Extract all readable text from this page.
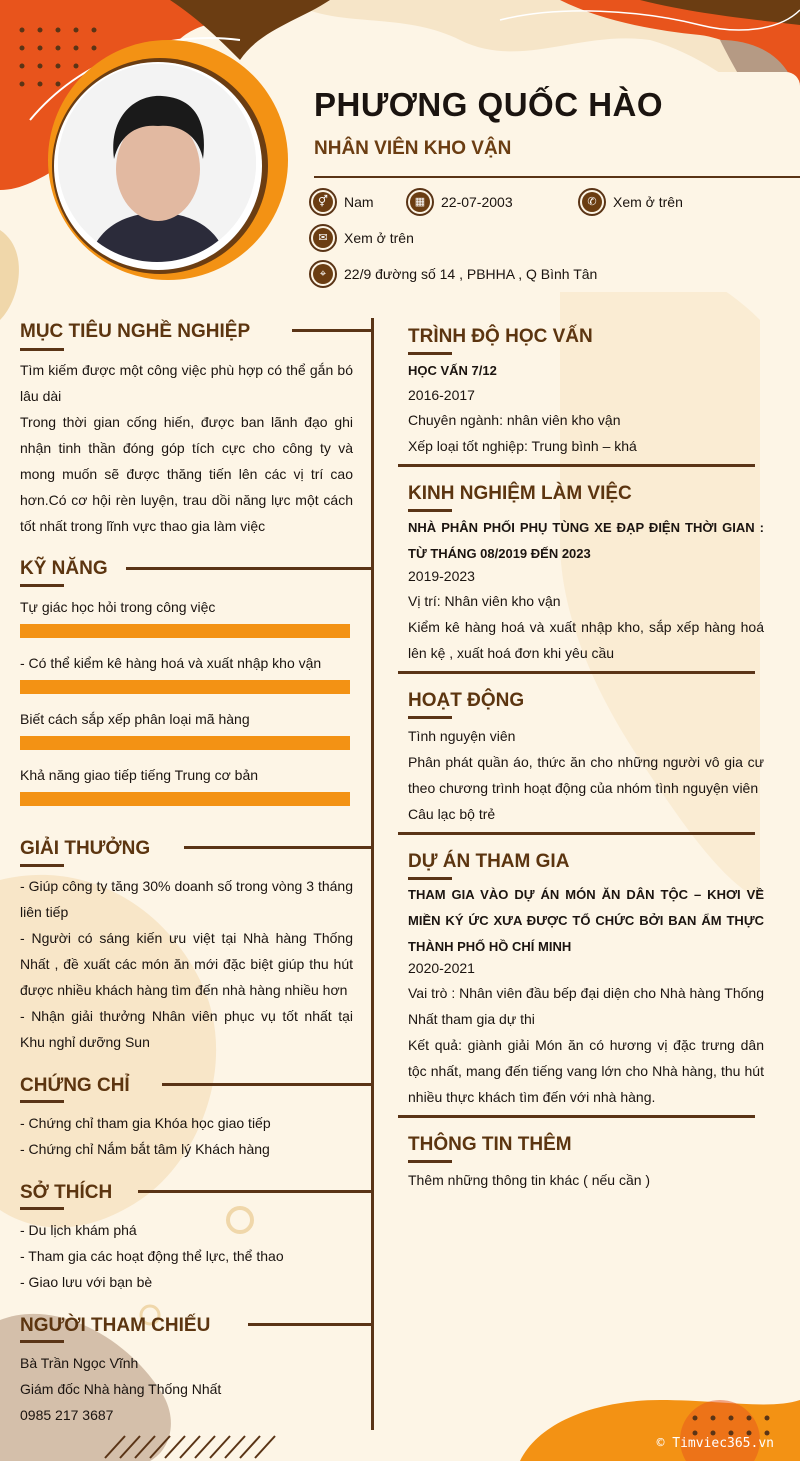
PHƯƠNG QUỐC HÀO
NHÂN VIÊN KHO VẬN
⚥	Nam	▦	22-07-2003	✆	Xem ở trên
✉	Xem ở trên
⌖	22/9 đường số 14 , PBHHA , Q Bình Tân
MỤC TIÊU NGHỀ NGHIỆP
Tìm kiếm được một công việc phù hợp có thể gắn bó lâu dài
Trong thời gian cống hiến, được ban lãnh đạo ghi nhận tinh thần đóng góp tích cực cho công ty và mong muốn sẽ được thăng tiến lên các vị trí cao hơn.Có cơ hội rèn luyện, trau dồi năng lực một cách tốt nhất trong lĩnh vực thao gia làm việc
KỸ NĂNG
Tự giác học hỏi trong công việc
- Có thể kiểm kê hàng hoá và xuất nhập kho vận
Biết cách sắp xếp phân loại mã hàng
Khả năng giao tiếp tiếng Trung cơ bản
GIẢI THƯỞNG
- Giúp công ty tăng 30% doanh số trong vòng 3 tháng liên tiếp
- Người có sáng kiến ưu việt tại Nhà hàng Thống Nhất , đề xuất các món ăn mới đặc biệt giúp thu hút được nhiều khách hàng tìm đến nhà hàng nhiều hơn
- Nhận giải thưởng Nhân viên phục vụ tốt nhất tại Khu nghỉ dưỡng Sun
CHỨNG CHỈ
- Chứng chỉ tham gia Khóa học giao tiếp
- Chứng chỉ Nắm bắt tâm lý Khách hàng
SỞ THÍCH
- Du lịch khám phá
- Tham gia các hoạt động thể lực, thể thao
- Giao lưu với bạn bè
NGƯỜI THAM CHIẾU
Bà Trần Ngọc Vĩnh
Giám đốc Nhà hàng Thống Nhất
0985 217 3687
TRÌNH ĐỘ HỌC VẤN
HỌC VẤN 7/12
2016-2017
Chuyên ngành: nhân viên kho vận
Xếp loại tốt nghiệp: Trung bình – khá
KINH NGHIỆM LÀM VIỆC
NHÀ PHÂN PHỐI PHỤ TÙNG XE ĐẠP ĐIỆN THỜI GIAN : TỪ THÁNG 08/2019 ĐẾN 2023
2019-2023
Vị trí: Nhân viên kho vận
Kiểm kê hàng hoá và xuất nhập kho, sắp xếp hàng hoá lên kệ , xuất hoá đơn khi yêu cầu
HOẠT ĐỘNG
Tình nguyện viên
Phân phát quần áo, thức ăn cho những người vô gia cư theo chương trình hoạt động của nhóm tình nguyện viên
Câu lạc bộ trẻ
DỰ ÁN THAM GIA
THAM GIA VÀO DỰ ÁN MÓN ĂN DÂN TỘC – KHƠI VỀ MIỀN KÝ ỨC XƯA ĐƯỢC TỔ CHỨC BỞI BAN ẨM THỰC THÀNH PHỐ HỒ CHÍ MINH
2020-2021
Vai trò : Nhân viên đầu bếp đại diện cho Nhà hàng Thống Nhất tham gia dự thi
Kết quả: giành giải Món ăn có hương vị đặc trưng dân tộc nhất, mang đến tiếng vang lớn cho Nhà hàng, thu hút nhiều thực khách tìm đến với nhà hàng.
THÔNG TIN THÊM
Thêm những thông tin khác ( nếu cần )
© Timviec365.vn
